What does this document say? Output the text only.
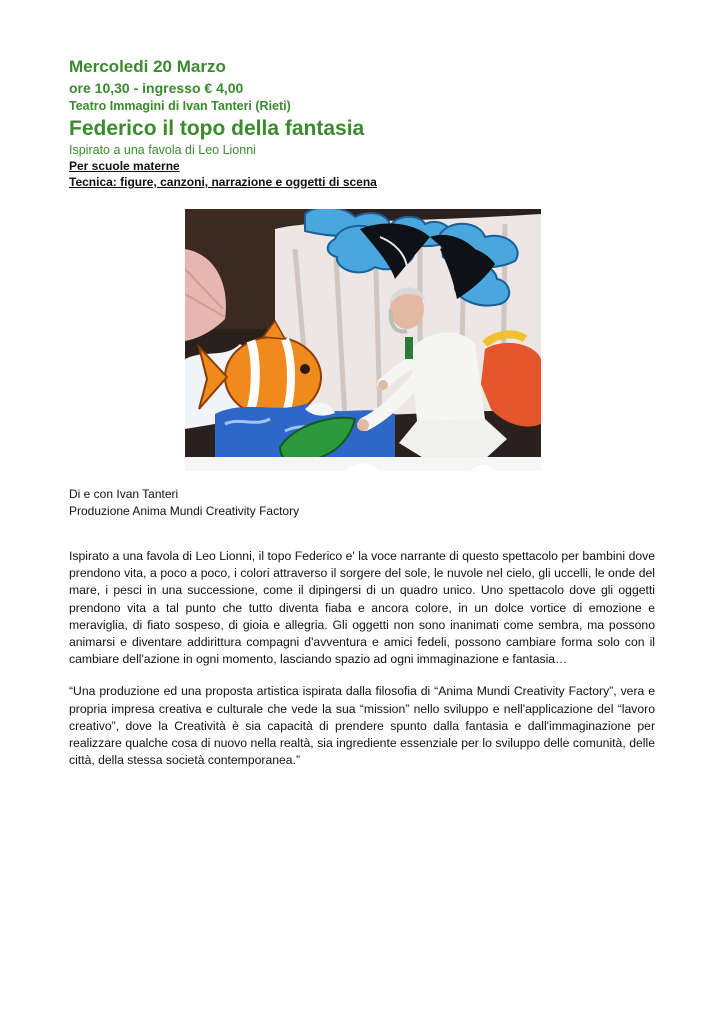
Mercoledi 20 Marzo
ore 10,30 - ingresso € 4,00
Teatro Immagini di Ivan Tanteri (Rieti)
Federico il topo della fantasia
Ispirato a una favola di Leo Lionni
Per scuole materne
Tecnica: figure, canzoni, narrazione e oggetti di scena
Di e con Ivan Tanteri
Produzione Anima Mundi Creativity Factory

Ispirato a una favola di Leo Lionni, il topo Federico e' la voce narrante di questo spettacolo per bambini dove prendono vita, a poco a poco, i colori attraverso il sorgere del sole, le nuvole nel cielo, gli uccelli, le onde del mare, i pesci in una successione, come il dipingersi di un quadro unico. Uno spettacolo dove gli oggetti prendono vita a tal punto che tutto diventa fiaba e ancora colore, in un dolce vortice di emozione e meraviglia, di fiato sospeso, di gioia e allegria. Gli oggetti non sono inanimati come sembra, ma possono animarsi e diventare addirittura compagni d'avventura e amici fedeli, possono cambiare forma solo con il cambiare dell'azione in ogni momento, lasciando spazio ad ogni immaginazione e fantasia…

“Una produzione ed una proposta artistica ispirata dalla filosofia di “Anima Mundi Creativity Factory”, vera e propria impresa creativa e culturale che vede la sua “mission” nello sviluppo e nell'applicazione del “lavoro creativo”, dove la Creatività è sia capacità di prendere spunto dalla fantasia e dall'immaginazione per realizzare qualche cosa di nuovo nella realtà, sia ingrediente essenziale per lo sviluppo delle comunità, delle città, della stessa società contemporanea.”
